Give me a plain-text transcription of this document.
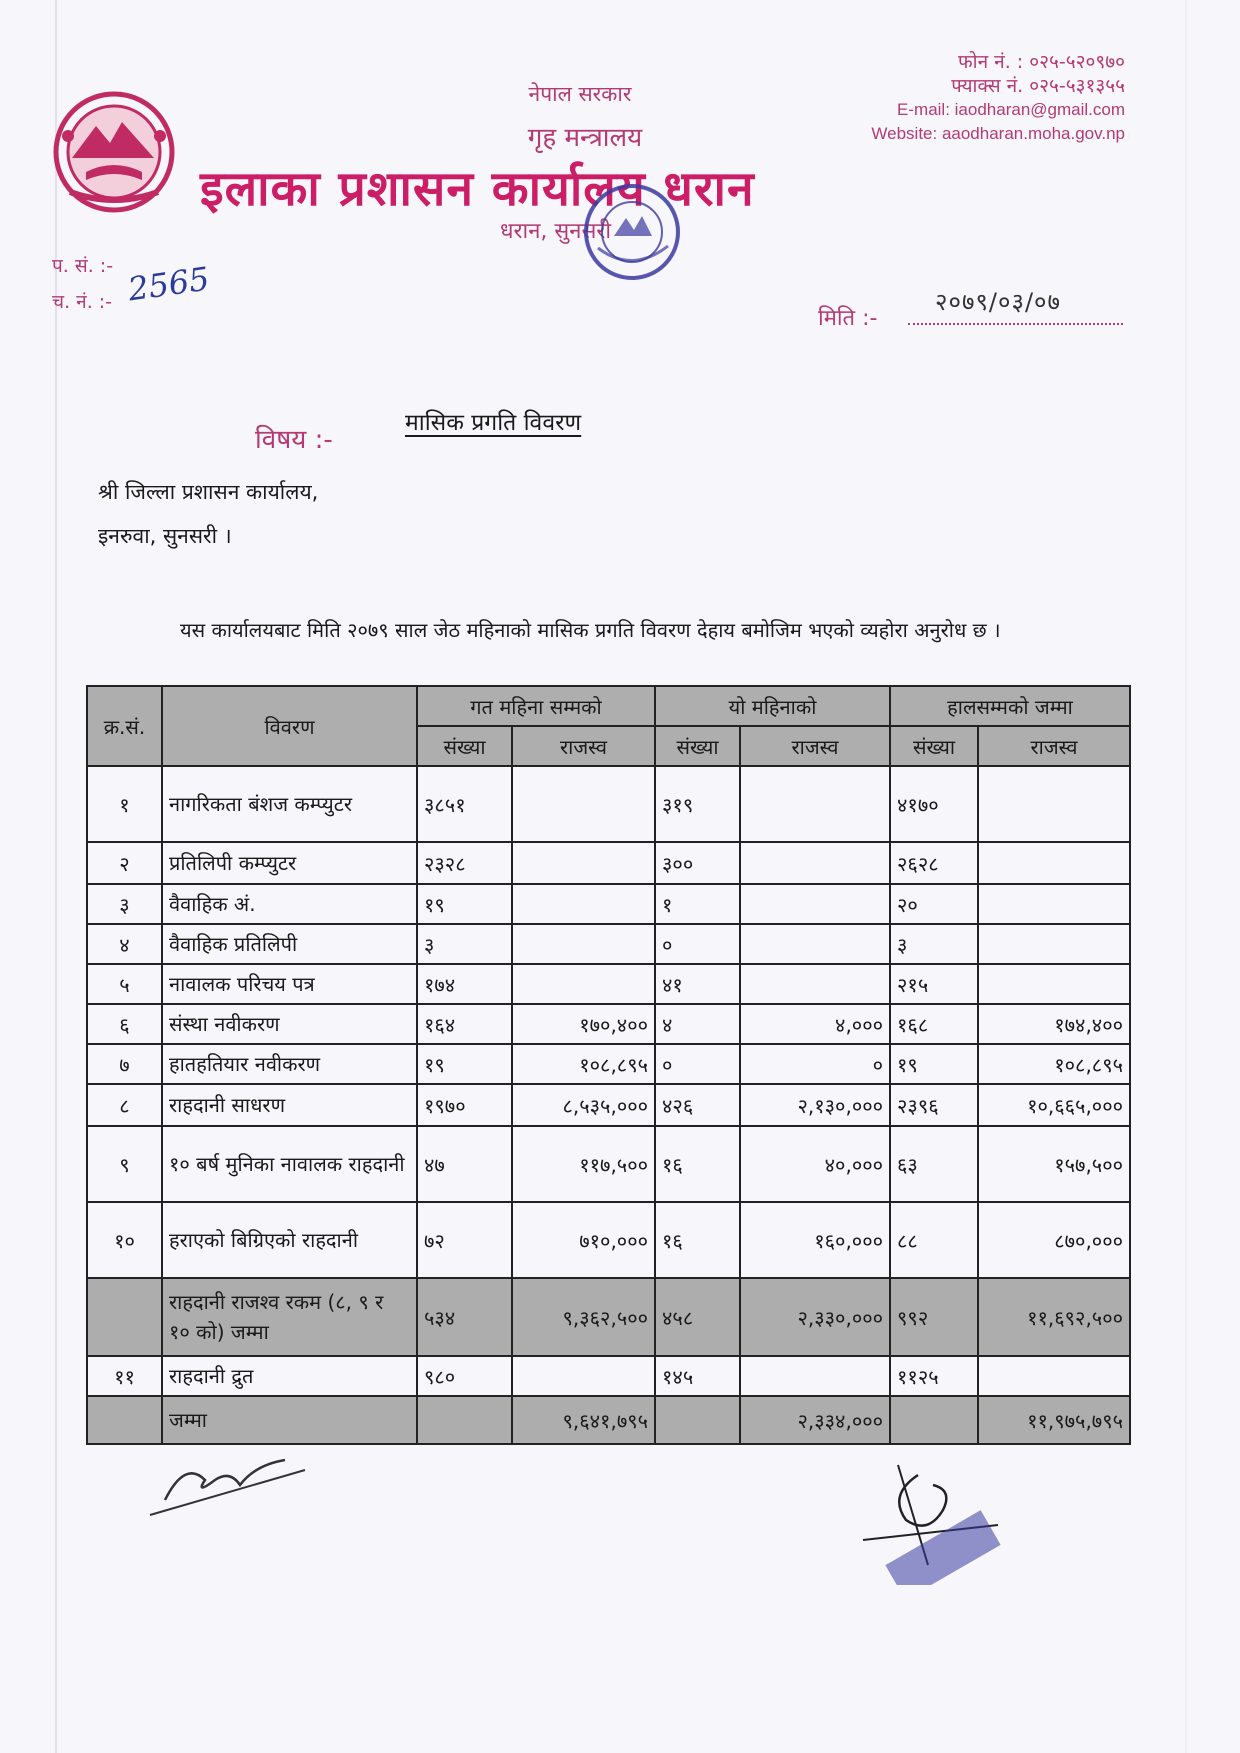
नेपाल सरकार
गृह मन्त्रालय
इलाका प्रशासन कार्यालय धरान
धरान, सुनसरी
फोन नं. : ०२५-५२०९७०
फ्याक्स नं. ०२५-५३१३५५
E-mail: iaodharan@gmail.com
Website: aaodharan.moha.gov.np
प. सं. :-
च. नं. :- 2565
मिति :-
२०७९/०३/०७
विषय :-
मासिक प्रगति विवरण
श्री जिल्ला प्रशासन कार्यालय,
इनरुवा, सुनसरी ।
यस कार्यालयबाट मिति २०७९ साल जेठ महिनाको मासिक प्रगति विवरण देहाय बमोजिम भएको व्यहोरा अनुरोध छ ।
क्र.सं.	विवरण	गत महिना सम्मको		यो महिनाको		हालसम्मको जम्मा	
		संख्या	राजस्व	संख्या	राजस्व	संख्या	राजस्व
१	नागरिकता बंशज कम्प्युटर	३८५१		३१९		४१७०	
२	प्रतिलिपी कम्प्युटर	२३२८		३००		२६२८	
३	वैवाहिक अं.	१९		१		२०	
४	वैवाहिक प्रतिलिपी	३		०		३	
५	नावालक परिचय पत्र	१७४		४१		२१५	
६	संस्था नवीकरण	१६४	१७०,४००	४	४,०००	१६८	१७४,४००
७	हातहतियार नवीकरण	१९	१०८,८९५	०	०	१९	१०८,८९५
८	राहदानी साधरण	१९७०	८,५३५,०००	४२६	२,१३०,०००	२३९६	१०,६६५,०००
९	१० बर्ष मुनिका नावालक राहदानी	४७	११७,५००	१६	४०,०००	६३	१५७,५००
१०	हराएको बिग्रिएको राहदानी	७२	७१०,०००	१६	१६०,०००	८८	८७०,०००
	राहदानी राजश्व रकम (८, ९ र १० को) जम्मा	५३४	९,३६२,५००	४५८	२,३३०,०००	९९२	११,६९२,५००
११	राहदानी द्रुत	९८०		१४५		११२५	
	जम्मा		९,६४१,७९५		२,३३४,०००		११,९७५,७९५
